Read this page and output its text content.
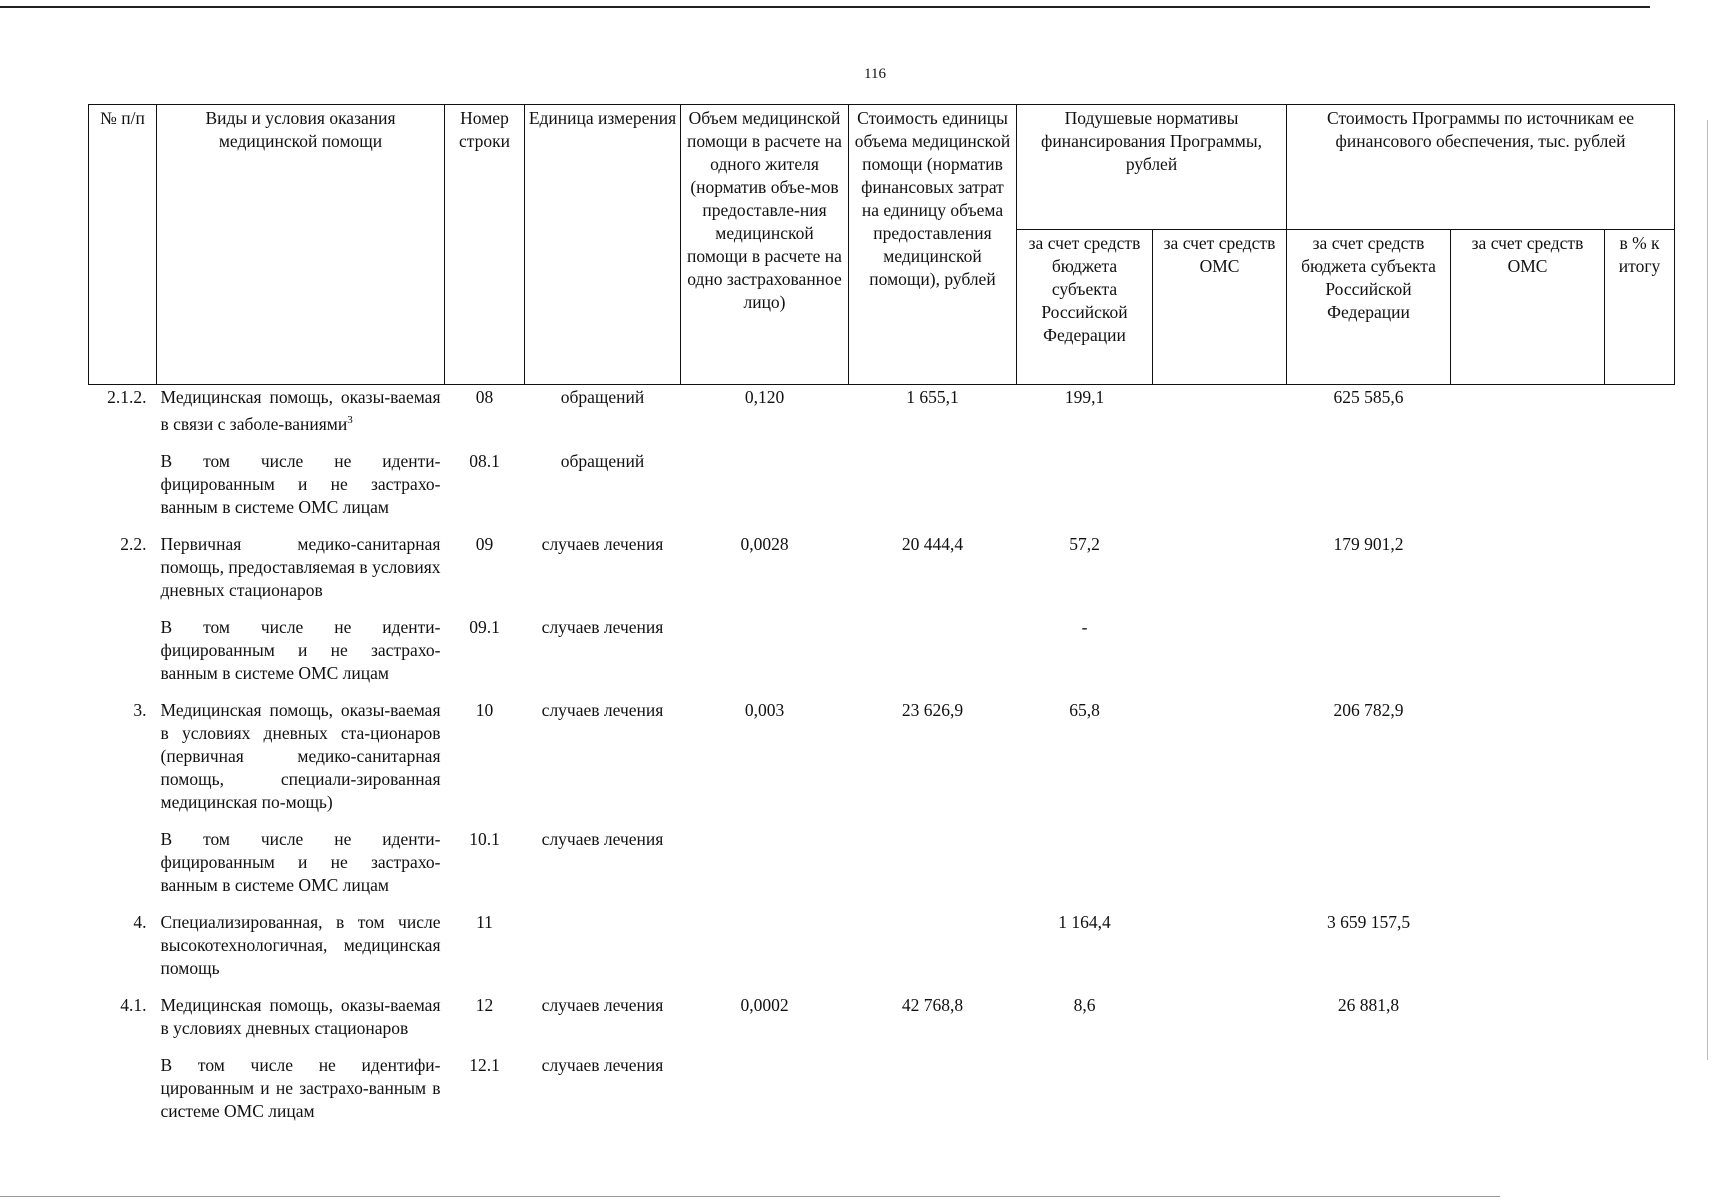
116
№ п/п	Виды и условия оказания медицинской помощи	Номер строки	Единица измерения	Объем медицинской помощи в расчете на одного жителя (норматив объе-мов предоставле-ния медицинской помощи в расчете на одно застрахованное лицо)	Стоимость единицы объема медицинской помощи (норматив финансовых затрат на единицу объема предоставления медицинской помощи), рублей	Подушевые нормативы финансирования Программы, рублей		Стоимость Программы по источникам ее финансового обеспечения, тыс. рублей		
						за счет средств бюджета субъекта Российской Федерации	за счет средств ОМС	за счет средств бюджета субъекта Российской Федерации	за счет средств ОМС	в % к итогу
2.1.2.	Медицинская помощь, оказы-ваемая в связи с заболе-ваниями$^3$	08	обращений	0,120	1 655,1	199,1		625 585,6		
	В том числе не иденти-фицированным и не застрахо-ванным в системе ОМС лицам	08.1	обращений							
2.2.	Первичная медико-санитарная помощь, предоставляемая в условиях дневных стационаров	09	случаев лечения	0,0028	20 444,4	57,2		179 901,2		
	В том числе не иденти-фицированным и не застрахо-ванным в системе ОМС лицам	09.1	случаев лечения			-				
3.	Медицинская помощь, оказы-ваемая в условиях дневных ста-ционаров (первичная медико-санитарная помощь, специали-зированная медицинская по-мощь)	10	случаев лечения	0,003	23 626,9	65,8		206 782,9		
	В том числе не иденти-фицированным и не застрахо-ванным в системе ОМС лицам	10.1	случаев лечения							
4.	Специализированная, в том числе высокотехнологичная, медицинская помощь	11				1 164,4		3 659 157,5		
4.1.	Медицинская помощь, оказы-ваемая в условиях дневных стационаров	12	случаев лечения	0,0002	42 768,8	8,6		26 881,8		
	В том числе не идентифи-цированным и не застрахо-ванным в системе ОМС лицам	12.1	случаев лечения							
